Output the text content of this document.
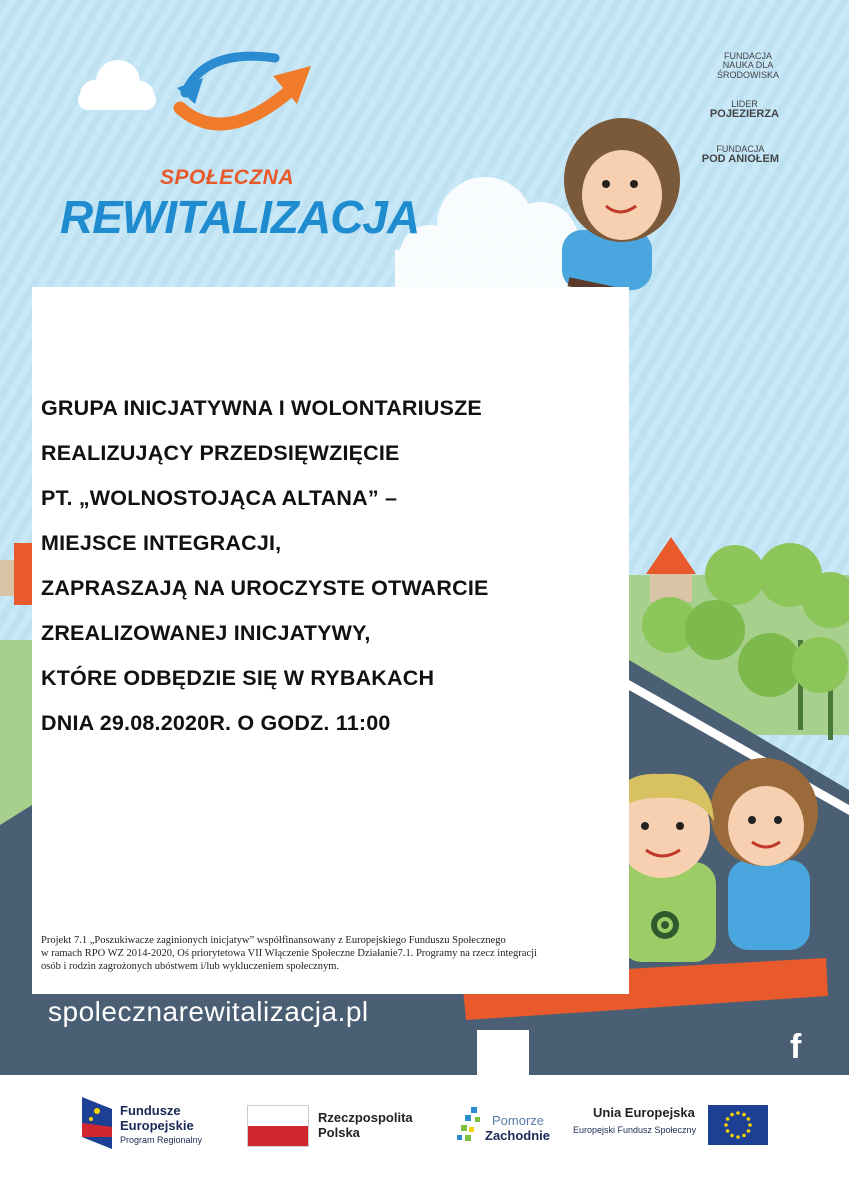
SPOŁECZNA
REWITALIZACJA
FUNDACJA
NAUKA DLA
ŚRODOWISKA
LIDER
POJEZIERZA
FUNDACJA
POD ANIOŁEM
GRUPA INICJATYWNA I WOLONTARIUSZE
REALIZUJĄCY PRZEDSIĘWZIĘCIE
PT. „WOLNOSTOJĄCA ALTANA” –
MIEJSCE INTEGRACJI,
ZAPRASZAJĄ NA UROCZYSTE OTWARCIE
ZREALIZOWANEJ INICJATYWY,
KTÓRE ODBĘDZIE SIĘ W RYBAKACH
DNIA 29.08.2020R. O GODZ. 11:00
Projekt 7.1 „Poszukiwacze zaginionych inicjatyw” współfinansowany z Europejskiego Funduszu Społecznego
w ramach RPO WZ 2014-2020, Oś priorytetowa VII Włączenie Społeczne Działanie7.1. Programy na rzecz integracji
osób i rodzin zagrożonych ubóstwem i/lub wykluczeniem społecznym.
spolecznarewitalizacja.pl
f
Fundusze
Europejskie
Program Regionalny
Rzeczpospolita
Polska
Pomorze
Zachodnie
Unia Europejska
Europejski Fundusz Społeczny
